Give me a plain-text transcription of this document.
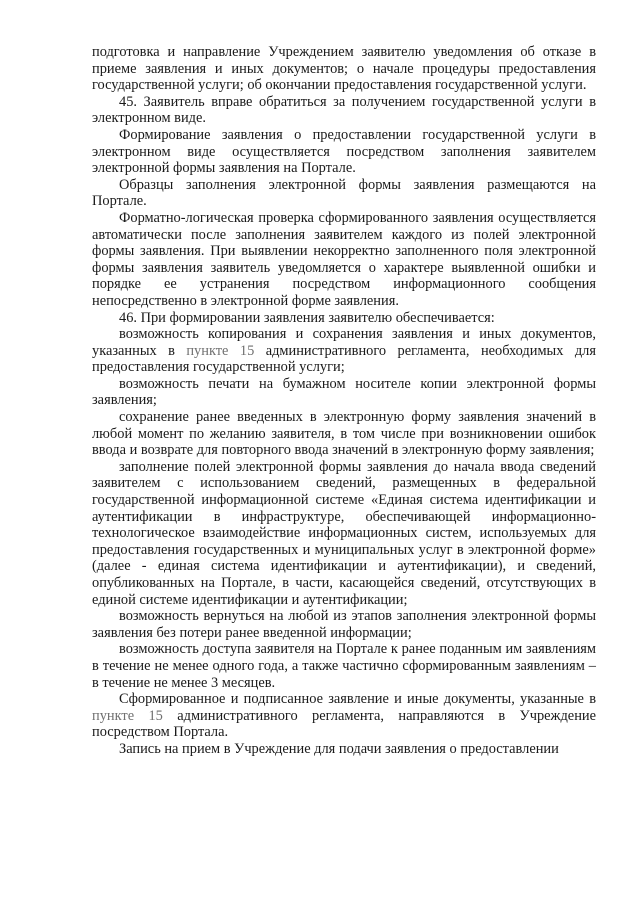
подготовка и направление Учреждением заявителю уведомления об отказе в приеме заявления и иных документов; о начале процедуры предоставления государственной услуги; об окончании предоставления государственной услуги.

45. Заявитель вправе обратиться за получением государственной услуги в электронном виде.

Формирование заявления о предоставлении государственной услуги в электронном виде осуществляется посредством заполнения заявителем электронной формы заявления на Портале.

Образцы заполнения электронной формы заявления размещаются на Портале.

Форматно-логическая проверка сформированного заявления осуществляется автоматически после заполнения заявителем каждого из полей электронной формы заявления. При выявлении некорректно заполненного поля электронной формы заявления заявитель уведомляется о характере выявленной ошибки и порядке ее устранения посредством информационного сообщения непосредственно в электронной форме заявления.

46. При формировании заявления заявителю обеспечивается:

возможность копирования и сохранения заявления и иных документов, указанных в пункте 15 административного регламента, необходимых для предоставления государственной услуги;

возможность печати на бумажном носителе копии электронной формы заявления;

сохранение ранее введенных в электронную форму заявления значений в любой момент по желанию заявителя, в том числе при возникновении ошибок ввода и возврате для повторного ввода значений в электронную форму заявления;

заполнение полей электронной формы заявления до начала ввода сведений заявителем с использованием сведений, размещенных в федеральной государственной информационной системе «Единая система идентификации и аутентификации в инфраструктуре, обеспечивающей информационно-технологическое взаимодействие информационных систем, используемых для предоставления государственных и муниципальных услуг в электронной форме» (далее - единая система идентификации и аутентификации), и сведений, опубликованных на Портале, в части, касающейся сведений, отсутствующих в единой системе идентификации и аутентификации;

возможность вернуться на любой из этапов заполнения электронной формы заявления без потери ранее введенной информации;

возможность доступа заявителя на Портале к ранее поданным им заявлениям в течение не менее одного года, а также частично сформированным заявлениям – в течение не менее 3 месяцев.

Сформированное и подписанное заявление и иные документы, указанные в пункте 15 административного регламента, направляются в Учреждение посредством Портала.

Запись на прием в Учреждение для подачи заявления о предоставлении
